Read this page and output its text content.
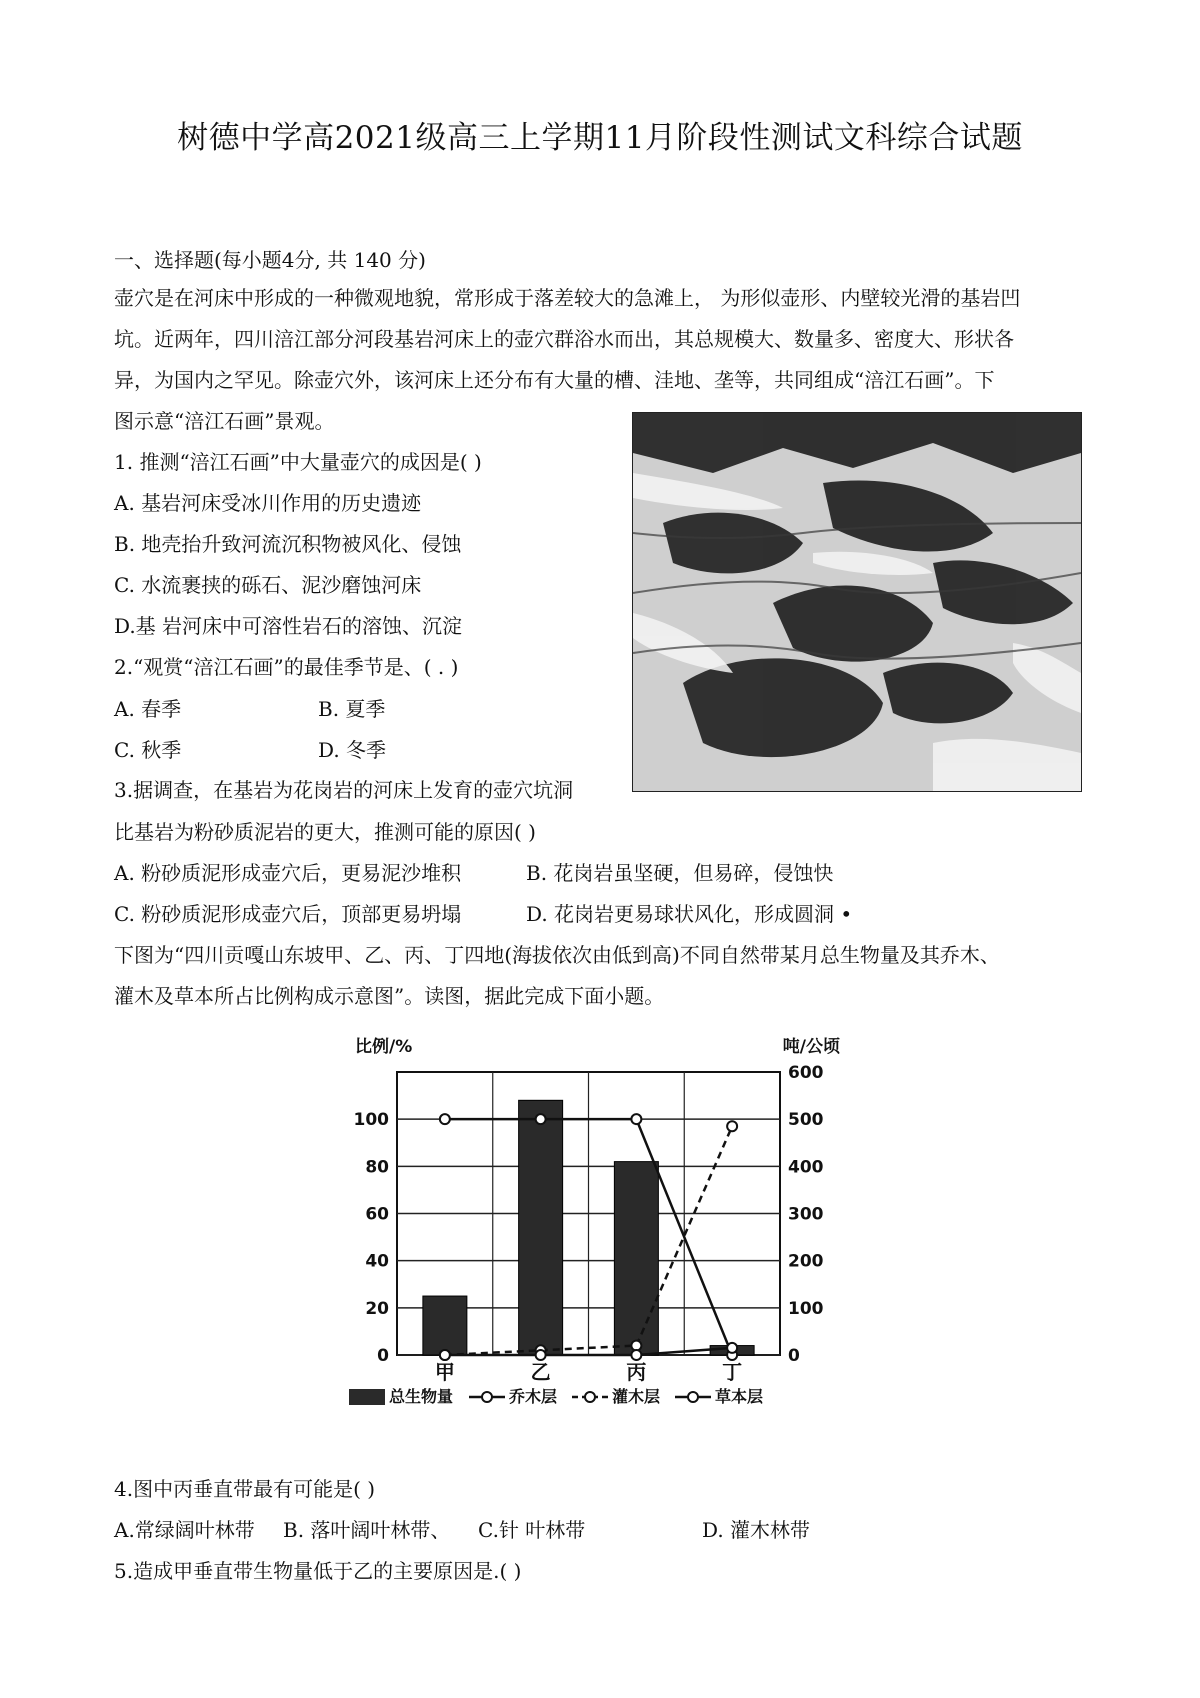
树德中学高2021级高三上学期11月阶段性测试文科综合试题
一、选择题(每小题4分, 共 140 分)
壶穴是在河床中形成的一种微观地貌，常形成于落差较大的急滩上， 为形似壶形、内壁较光滑的基岩凹
坑。近两年，四川涪江部分河段基岩河床上的壶穴群浴水而出，其总规模大、数量多、密度大、形状各
异，为国内之罕见。除壶穴外，该河床上还分布有大量的槽、洼地、垄等，共同组成“涪江石画”。下
图示意“涪江石画”景观。
1. 推测“涪江石画”中大量壶穴的成因是( )
A. 基岩河床受冰川作用的历史遗迹
B. 地壳抬升致河流沉积物被风化、侵蚀
C. 水流裹挟的砾石、泥沙磨蚀河床
D.基 岩河床中可溶性岩石的溶蚀、沉淀
2.“观赏“涪江石画”的最佳季节是、( . )
A. 春季	B. 夏季
C. 秋季	D. 冬季
3.据调查，在基岩为花岗岩的河床上发育的壶穴坑洞
比基岩为粉砂质泥岩的更大，推测可能的原因( )
A. 粉砂质泥形成壶穴后，更易泥沙堆积	B. 花岗岩虽坚硬，但易碎，侵蚀快
C. 粉砂质泥形成壶穴后，顶部更易坍塌	D. 花岗岩更易球状风化，形成圆洞 •
下图为“四川贡嘎山东坡甲、乙、丙、丁四地(海拔依次由低到高)不同自然带某月总生物量及其乔木、
灌木及草本所占比例构成示意图”。读图，据此完成下面小题。
比例/%	吨/公顷
0
20
40
60
80
100
0
100
200
300
400
500
600
甲	乙	丙	丁
总生物量	乔木层	灌木层	草本层
4.图中丙垂直带最有可能是( )
A.常绿阔叶林带 B. 落叶阔叶林带、 C.针 叶林带	D. 灌木林带
5.造成甲垂直带生物量低于乙的主要原因是.( )
